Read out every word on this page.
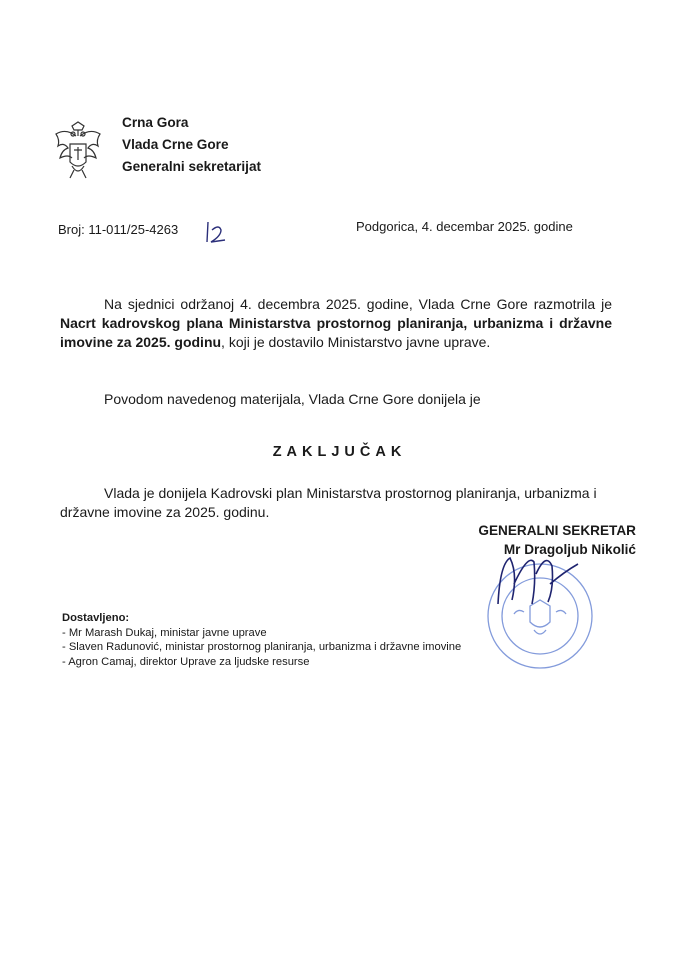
Crna Gora
Vlada Crne Gore
Generalni sekretarijat
Broj: 11-011/25-4263	Podgorica, 4. decembar 2025. godine
Na sjednici održanoj 4. decembra 2025. godine, Vlada Crne Gore razmotrila je Nacrt kadrovskog plana Ministarstva prostornog planiranja, urbanizma i državne imovine za 2025. godinu, koji je dostavilo Ministarstvo javne uprave.
Povodom navedenog materijala, Vlada Crne Gore donijela je
ZAKLJUČAK
Vlada je donijela Kadrovski plan Ministarstva prostornog planiranja, urbanizma i državne imovine za 2025. godinu.
GENERALNI SEKRETAR
Mr Dragoljub Nikolić
Dostavljeno:
- Mr Marash Dukaj, ministar javne uprave
- Slaven Radunović, ministar prostornog planiranja, urbanizma i državne imovine
- Agron Camaj, direktor Uprave za ljudske resurse
